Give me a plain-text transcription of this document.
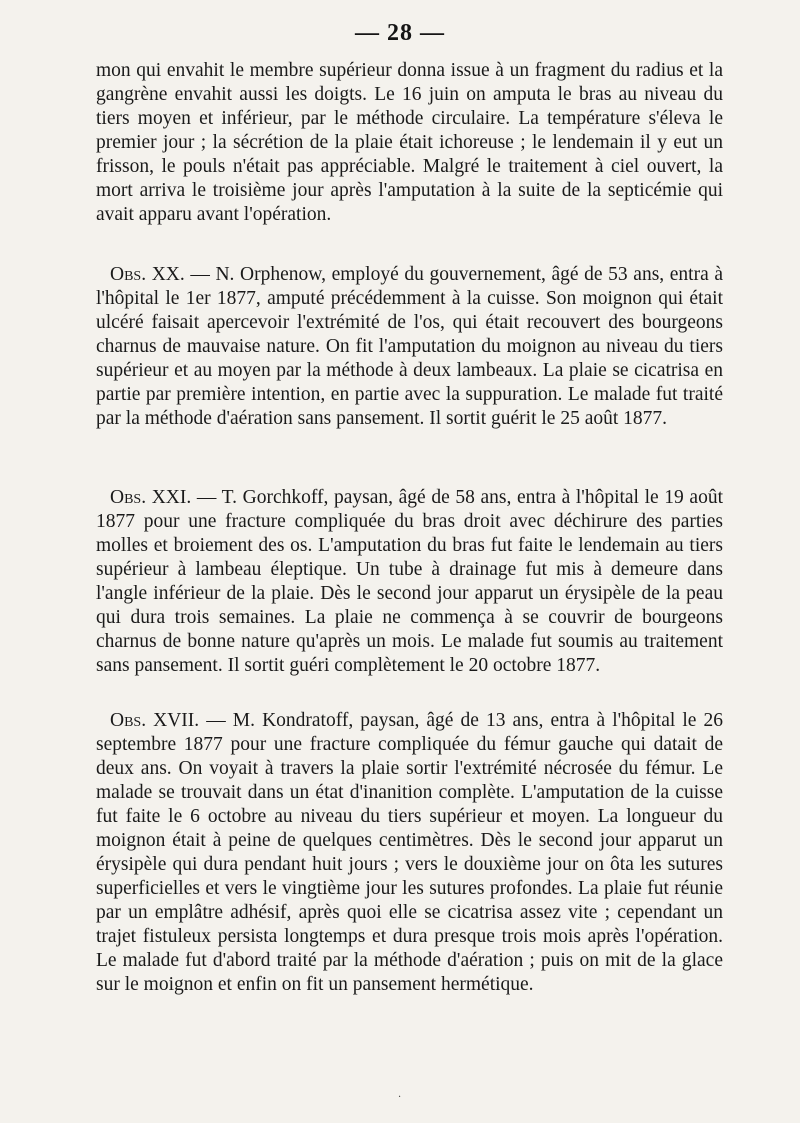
— 28 —

mon qui envahit le membre supérieur donna issue à un fragment du radius et la gangrène envahit aussi les doigts. Le 16 juin on amputa le bras au niveau du tiers moyen et inférieur, par le méthode circulaire. La température s'éleva le premier jour ; la sécrétion de la plaie était ichoreuse ; le lendemain il y eut un frisson, le pouls n'était pas appréciable. Malgré le traitement à ciel ouvert, la mort arriva le troisième jour après l'amputation à la suite de la septicémie qui avait apparu avant l'opération.

Obs. XX. — N. Orphenow, employé du gouvernement, âgé de 53 ans, entra à l'hôpital le 1er 1877, amputé précédemment à la cuisse. Son moignon qui était ulcéré faisait apercevoir l'extrémité de l'os, qui était recouvert des bourgeons charnus de mauvaise nature. On fit l'amputation du moignon au niveau du tiers supérieur et au moyen par la méthode à deux lambeaux. La plaie se cicatrisa en partie par première intention, en partie avec la suppuration. Le malade fut traité par la méthode d'aération sans pansement. Il sortit guérit le 25 août 1877.

Obs. XXI. — T. Gorchkoff, paysan, âgé de 58 ans, entra à l'hôpital le 19 août 1877 pour une fracture compliquée du bras droit avec déchirure des parties molles et broiement des os. L'amputation du bras fut faite le lendemain au tiers supérieur à lambeau éleptique. Un tube à drainage fut mis à demeure dans l'angle inférieur de la plaie. Dès le second jour apparut un érysipèle de la peau qui dura trois semaines. La plaie ne commença à se couvrir de bourgeons charnus de bonne nature qu'après un mois. Le malade fut soumis au traitement sans pansement. Il sortit guéri complètement le 20 octobre 1877.

Obs. XVII. — M. Kondratoff, paysan, âgé de 13 ans, entra à l'hôpital le 26 septembre 1877 pour une fracture compliquée du fémur gauche qui datait de deux ans. On voyait à travers la plaie sortir l'extrémité nécrosée du fémur. Le malade se trouvait dans un état d'inanition complète. L'amputation de la cuisse fut faite le 6 octobre au niveau du tiers supérieur et moyen. La longueur du moignon était à peine de quelques centimètres. Dès le second jour apparut un érysipèle qui dura pendant huit jours ; vers le douxième jour on ôta les sutures superficielles et vers le vingtième jour les sutures profondes. La plaie fut réunie par un emplâtre adhésif, après quoi elle se cicatrisa assez vite ; cependant un trajet fistuleux persista longtemps et dura presque trois mois après l'opération. Le malade fut d'abord traité par la méthode d'aération ; puis on mit de la glace sur le moignon et enfin on fit un pansement hermétique.

·
